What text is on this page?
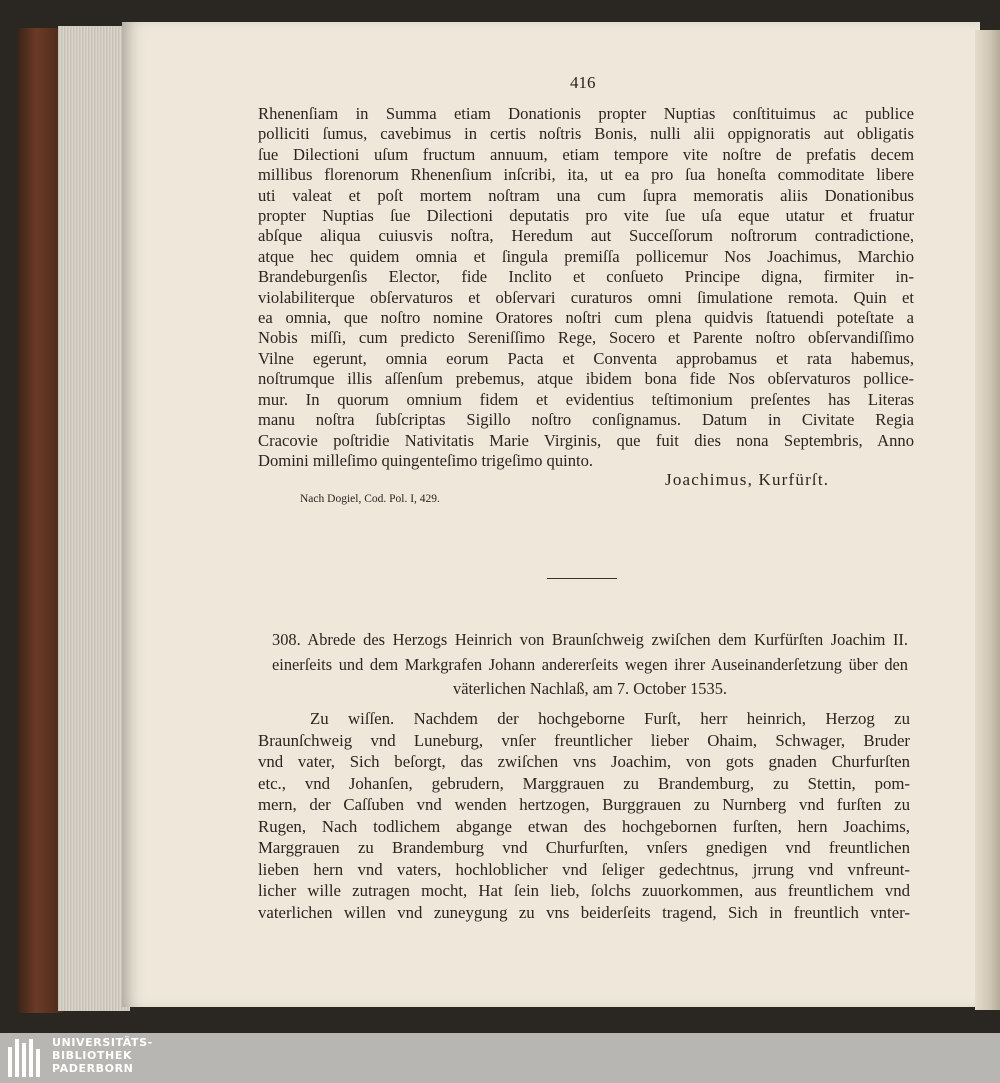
416
Rhenenſiam in Summa etiam Donationis propter Nuptias conſtituimus ac publice
polliciti ſumus, cavebimus in certis noſtris Bonis, nulli alii oppignoratis aut obligatis
ſue Dilectioni uſum fructum annuum, etiam tempore vite noſtre de prefatis decem
millibus florenorum Rhenenſium inſcribi, ita, ut ea pro ſua honeſta commoditate libere
uti valeat et poſt mortem noſtram una cum ſupra memoratis aliis Donationibus
propter Nuptias ſue Dilectioni deputatis pro vite ſue uſa eque utatur et fruatur
abſque aliqua cuiusvis noſtra, Heredum aut Succeſſorum noſtrorum contradictione,
atque hec quidem omnia et ſingula premiſſa pollicemur Nos Joachimus, Marchio
Brandeburgenſis Elector, fide Inclito et conſueto Principe digna, firmiter in-
violabiliterque obſervaturos et obſervari curaturos omni ſimulatione remota. Quin et
ea omnia, que noſtro nomine Oratores noſtri cum plena quidvis ſtatuendi poteſtate a
Nobis miſſi, cum predicto Sereniſſimo Rege, Socero et Parente noſtro obſervandiſſimo
Vilne egerunt, omnia eorum Pacta et Conventa approbamus et rata habemus,
noſtrumque illis aſſenſum prebemus, atque ibidem bona fide Nos obſervaturos pollice-
mur. In quorum omnium fidem et evidentius teſtimonium preſentes has Literas
manu noſtra ſubſcriptas Sigillo noſtro conſignamus. Datum in Civitate Regia
Cracovie poſtridie Nativitatis Marie Virginis, que fuit dies nona Septembris, Anno
Domini milleſimo quingenteſimo trigeſimo quinto.
Joachimus, Kurfürſt.
Nach Dogiel, Cod. Pol. I, 429.
308. Abrede des Herzogs Heinrich von Braunſchweig zwiſchen dem Kurfürſten Joachim II.
einerſeits und dem Markgrafen Johann andererſeits wegen ihrer Auseinanderſetzung über den
väterlichen Nachlaß, am 7. October 1535.
Zu wiſſen. Nachdem der hochgeborne Furſt, herr heinrich, Herzog zu
Braunſchweig vnd Luneburg, vnſer freuntlicher lieber Ohaim, Schwager, Bruder
vnd vater, Sich beſorgt, das zwiſchen vns Joachim, von gots gnaden Churfurſten
etc., vnd Johanſen, gebrudern, Marggrauen zu Brandemburg, zu Stettin, pom-
mern, der Caſſuben vnd wenden hertzogen, Burggrauen zu Nurnberg vnd furſten zu
Rugen, Nach todlichem abgange etwan des hochgebornen furſten, hern Joachims,
Marggrauen zu Brandemburg vnd Churfurſten, vnſers gnedigen vnd freuntlichen
lieben hern vnd vaters, hochloblicher vnd ſeliger gedechtnus, jrrung vnd vnfreunt-
licher wille zutragen mocht, Hat ſein lieb, ſolchs zuuorkommen, aus freuntlichem vnd
vaterlichen willen vnd zuneygung zu vns beiderſeits tragend, Sich in freuntlich vnter-
UNIVERSITÄTS-
BIBLIOTHEK
PADERBORN
